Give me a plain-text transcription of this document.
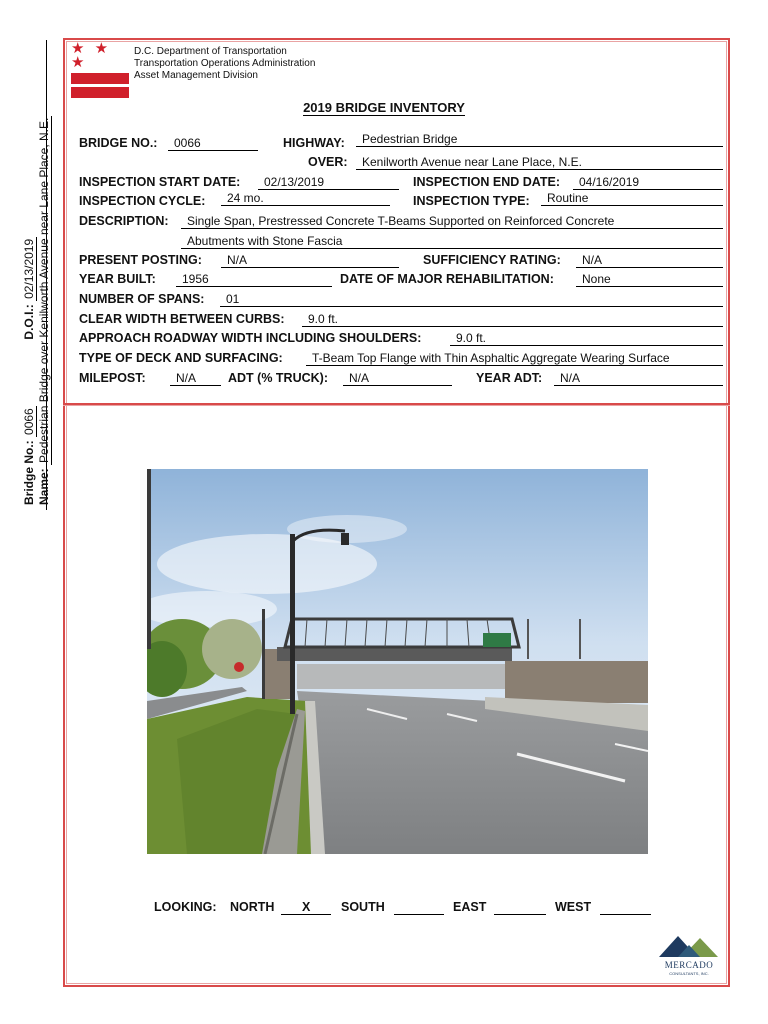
Bridge No.: 0066  D.O.I.: 02/13/2019
Name: Pedestrian Bridge over Kenilworth Avenue near Lane Place, N.E.
★ ★ ★
D.C. Department of Transportation
Transportation Operations Administration
Asset Management Division
2019 BRIDGE INVENTORY
BRIDGE NO.:	0066	HIGHWAY:	Pedestrian Bridge
OVER:	Kenilworth Avenue near Lane Place, N.E.
INSPECTION START DATE:	02/13/2019	INSPECTION END DATE:	04/16/2019
INSPECTION CYCLE:	24 mo.	INSPECTION TYPE:	Routine
DESCRIPTION:	Single Span, Prestressed Concrete T-Beams Supported on Reinforced Concrete
Abutments with Stone Fascia
PRESENT POSTING:	N/A	SUFFICIENCY RATING:	N/A
YEAR BUILT:	1956	DATE OF MAJOR REHABILITATION:	None
NUMBER OF SPANS:	01
CLEAR WIDTH BETWEEN CURBS:	9.0 ft.
APPROACH ROADWAY WIDTH INCLUDING SHOULDERS:	9.0 ft.
TYPE OF DECK AND SURFACING:	T-Beam Top Flange with Thin Asphaltic Aggregate Wearing Surface
MILEPOST:	N/A	ADT (% TRUCK):	N/A	YEAR ADT:	N/A
LOOKING: NORTH X SOUTH	EAST	WEST
MERCADO
CONSULTANTS, INC.
